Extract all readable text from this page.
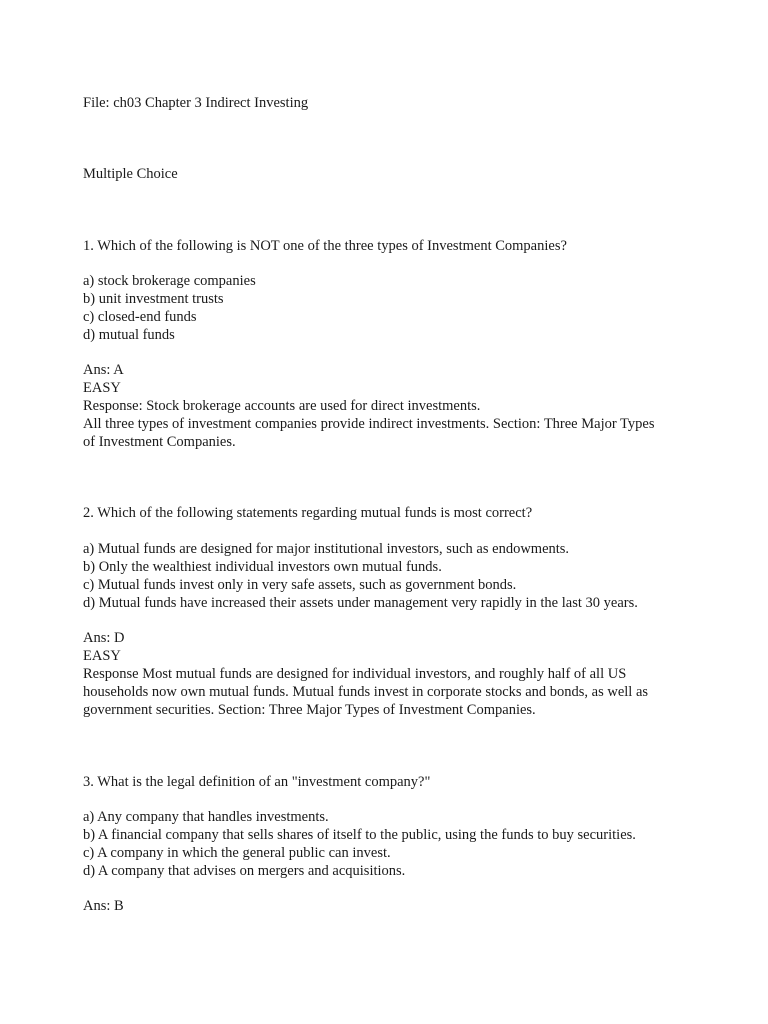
File: ch03 Chapter 3 Indirect Investing
Multiple Choice
1. Which of the following is NOT one of the three types of Investment Companies?
a) stock brokerage companies
b) unit investment trusts
c) closed-end funds
d) mutual funds
Ans: A
EASY
Response: Stock brokerage accounts are used for direct investments.
All three types of investment companies provide indirect investments. Section: Three Major Types
of Investment Companies.
2. Which of the following statements regarding mutual funds is most correct?
a) Mutual funds are designed for major institutional investors, such as endowments.
b) Only the wealthiest individual investors own mutual funds.
c) Mutual funds invest only in very safe assets, such as government bonds.
d) Mutual funds have increased their assets under management very rapidly in the last 30 years.
Ans: D
EASY
Response Most mutual funds are designed for individual investors, and roughly half of all US
households now own mutual funds. Mutual funds invest in corporate stocks and bonds, as well as
government securities. Section: Three Major Types of Investment Companies.
3. What is the legal definition of an "investment company?"
a) Any company that handles investments.
b) A financial company that sells shares of itself to the public, using the funds to buy securities.
c) A company in which the general public can invest.
d) A company that advises on mergers and acquisitions.
Ans: B
